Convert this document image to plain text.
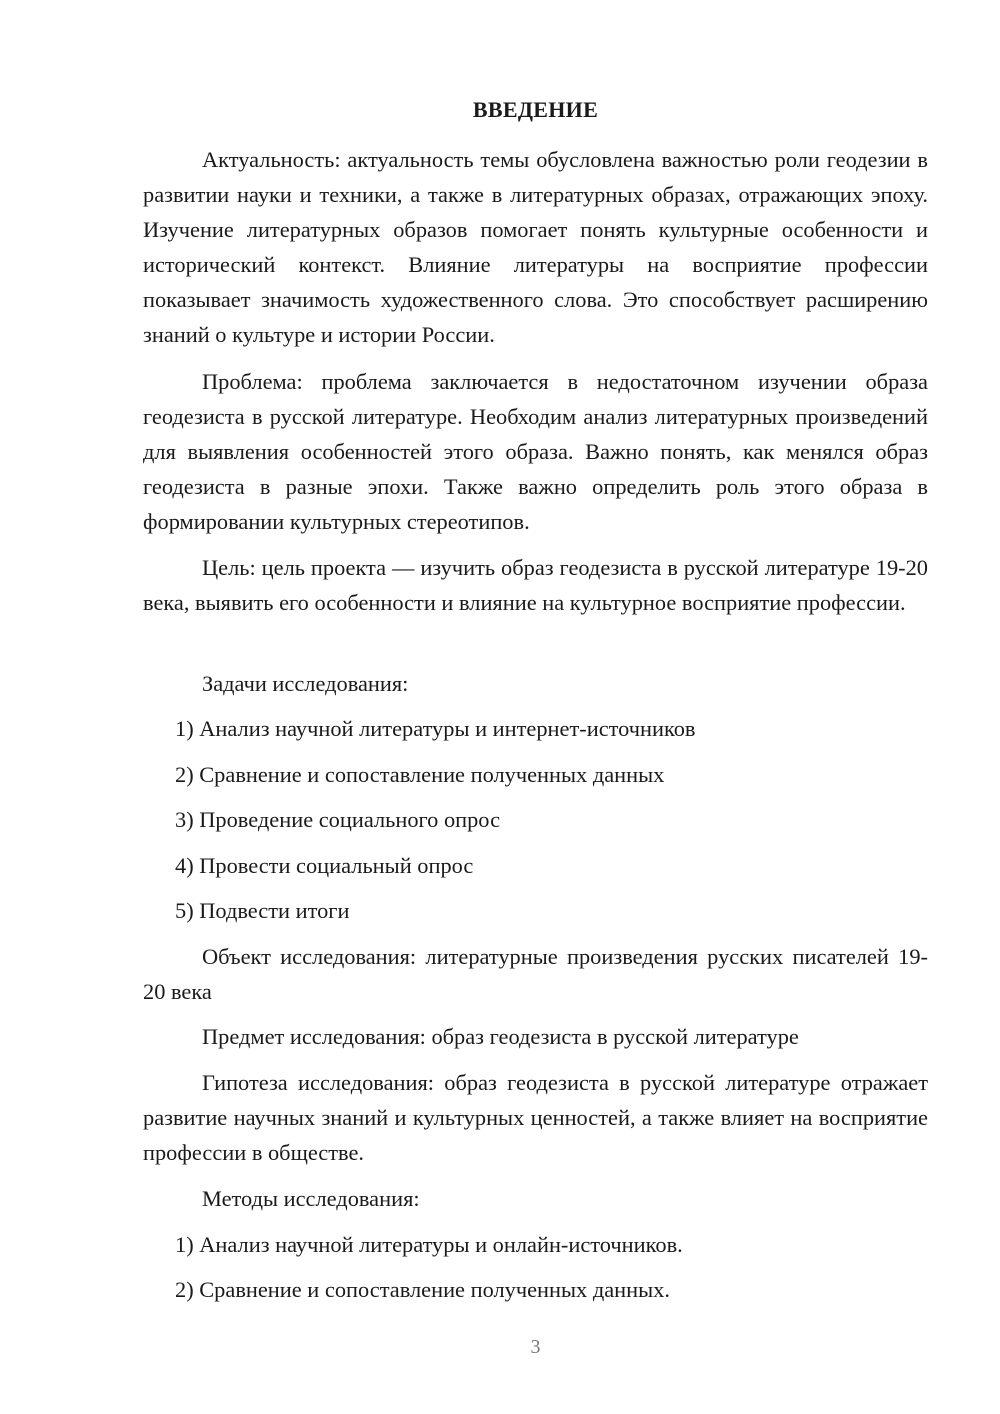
ВВЕДЕНИЕ

Актуальность: актуальность темы обусловлена важностью роли геодезии в развитии науки и техники, а также в литературных образах, отражающих эпоху. Изучение литературных образов помогает понять культурные особенности и исторический контекст. Влияние литературы на восприятие профессии показывает значимость художественного слова. Это способствует расширению знаний о культуре и истории России.

Проблема: проблема заключается в недостаточном изучении образа геодезиста в русской литературе. Необходим анализ литературных произведений для выявления особенностей этого образа. Важно понять, как менялся образ геодезиста в разные эпохи. Также важно определить роль этого образа в формировании культурных стереотипов.

Цель: цель проекта — изучить образ геодезиста в русской литературе 19-20 века, выявить его особенности и влияние на культурное восприятие профессии.

Задачи исследования:

1) Анализ научной литературы и интернет-источников

2) Сравнение и сопоставление полученных данных

3) Проведение социального опрос

4) Провести социальный опрос

5) Подвести итоги

Объект исследования: литературные произведения русских писателей 19-20 века

Предмет исследования: образ геодезиста в русской литературе

Гипотеза исследования: образ геодезиста в русской литературе отражает развитие научных знаний и культурных ценностей, а также влияет на восприятие профессии в обществе.

Методы исследования:

1) Анализ научной литературы и онлайн-источников.

2) Сравнение и сопоставление полученных данных.

3
